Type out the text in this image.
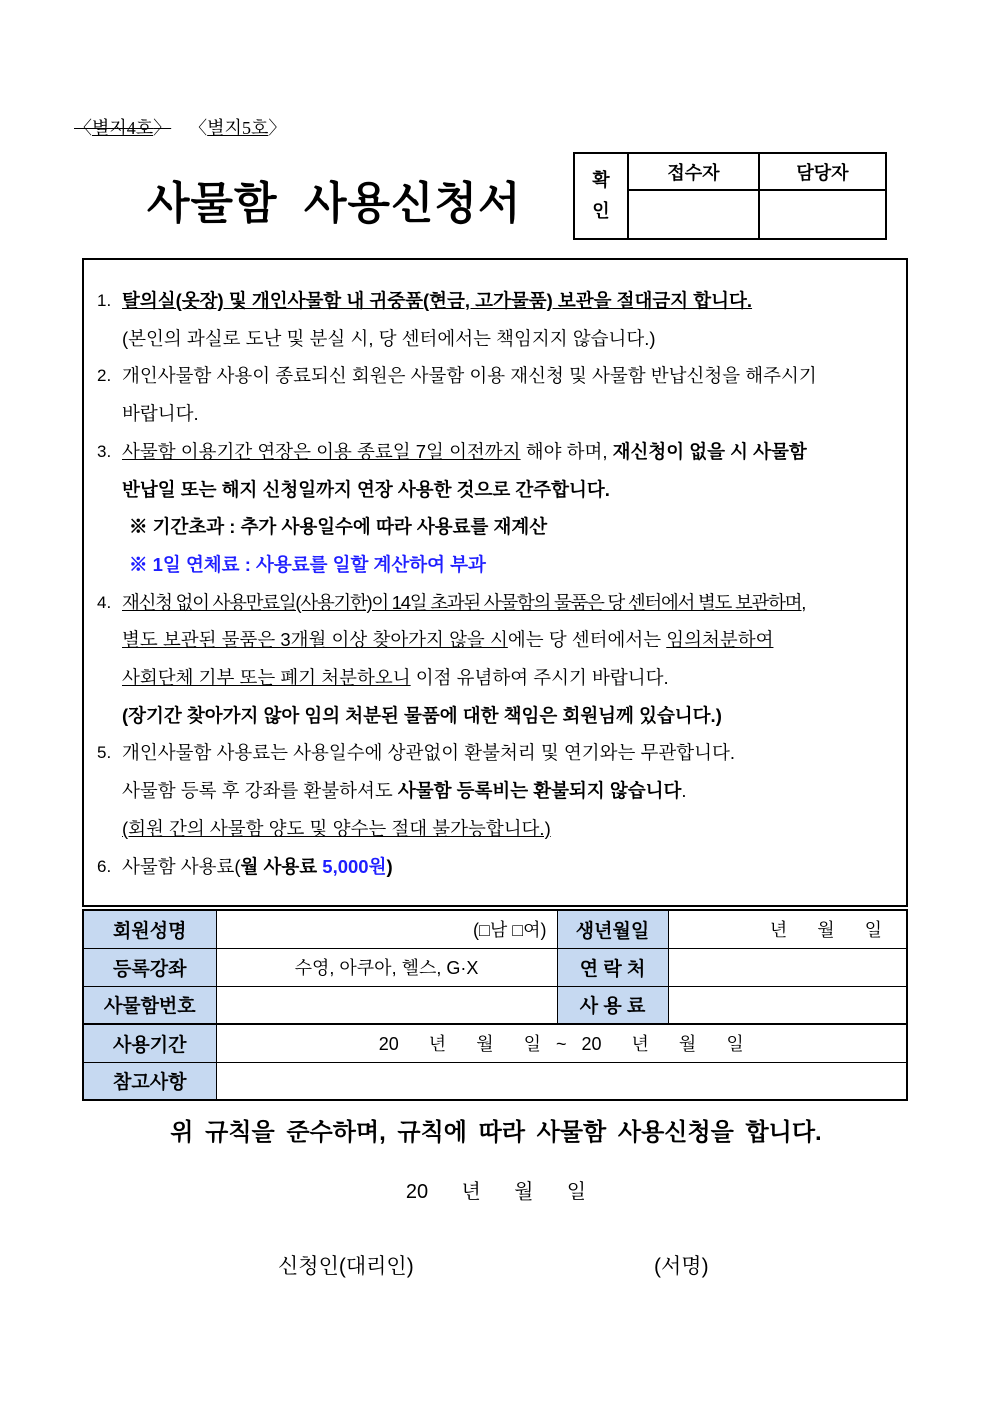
〈별지4호〉 〈별지5호〉
사물함  사용신청서	확
인	접수자	담당자

1. 탈의실(옷장) 및 개인사물함 내 귀중품(현금, 고가물품) 보관을 절대금지 합니다.
(본인의 과실로 도난 및 분실 시, 당 센터에서는 책임지지 않습니다.)
2. 개인사물함 사용이 종료되신 회원은 사물함 이용 재신청 및 사물함 반납신청을 해주시기
바랍니다.
3. 사물함 이용기간 연장은 이용 종료일 7일 이전까지 해야 하며, 재신청이 없을 시 사물함
반납일 또는 해지 신청일까지 연장 사용한 것으로 간주합니다.
※ 기간초과 : 추가 사용일수에 따라 사용료를 재계산
※ 1일 연체료 : 사용료를 일할 계산하여 부과
4. 재신청 없이 사용만료일(사용기한)이 14일 초과된 사물함의 물품은 당 센터에서 별도 보관하며,
별도 보관된 물품은 3개월 이상 찾아가지 않을 시 에는 당 센터에서는 임의처분하여
사회단체 기부 또는 폐기 처분하오니 이점 유념하여 주시기 바랍니다.
(장기간 찾아가지 않아 임의 처분된 물품에 대한 책임은 회원님께 있습니다.)
5. 개인사물함 사용료는 사용일수에 상관없이 환불처리 및 연기와는 무관합니다.
사물함 등록 후 강좌를 환불하셔도 사물함 등록비는 환불되지 않습니다 .
(회원 간의 사물함 양도 및 양수는 절대 불가능합니다.)
6. 사물함 사용료( 월 사용료 5,000원 )
회원성명	(□남 □여)	생년월일	년      월      일
등록강좌	수영, 아쿠아, 헬스, G·X	연 락 처	
사물함번호		사 용 료	
사용기간	20      년      월      일   ~   20      년      월      일		
참고사항			
위 규칙을 준수하며, 규칙에 따라 사물함 사용신청을 합니다.
20      년      월      일
신청인(대리인)	(서명)
